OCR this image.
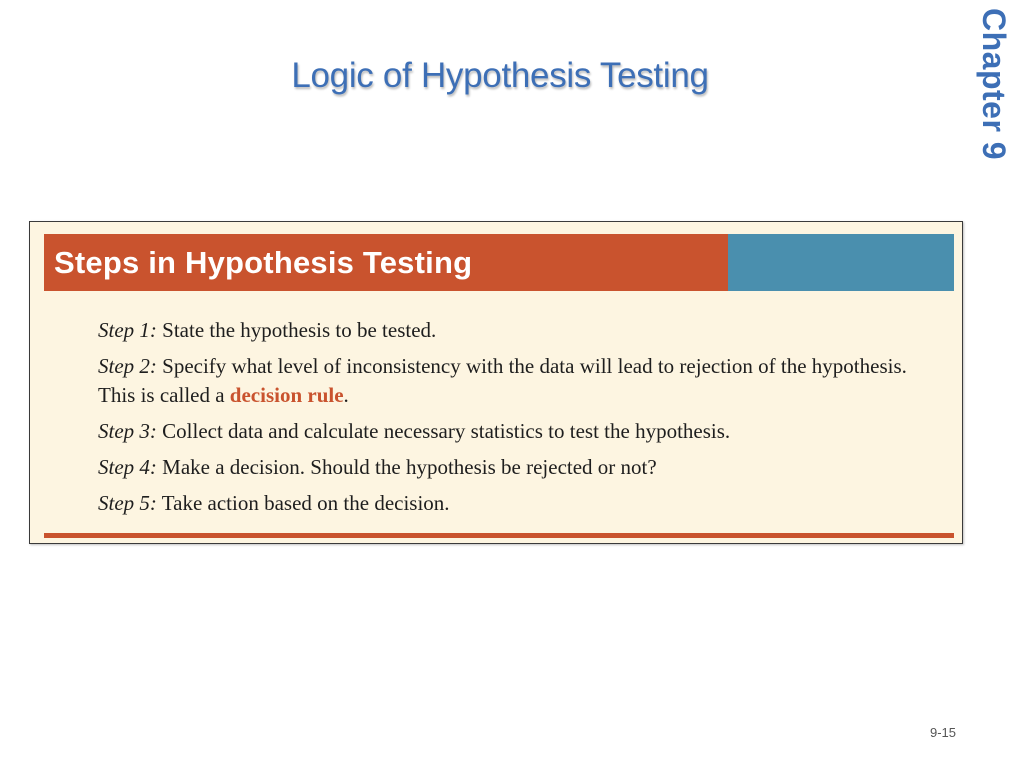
Logic of Hypothesis Testing	Chapter 9
Steps in Hypothesis Testing

Step 1: State the hypothesis to be tested.

Step 2: Specify what level of inconsistency with the data will lead to rejection of the hypothesis. This is called a decision rule.

Step 3: Collect data and calculate necessary statistics to test the hypothesis.

Step 4: Make a decision. Should the hypothesis be rejected or not?

Step 5: Take action based on the decision.

9-15
